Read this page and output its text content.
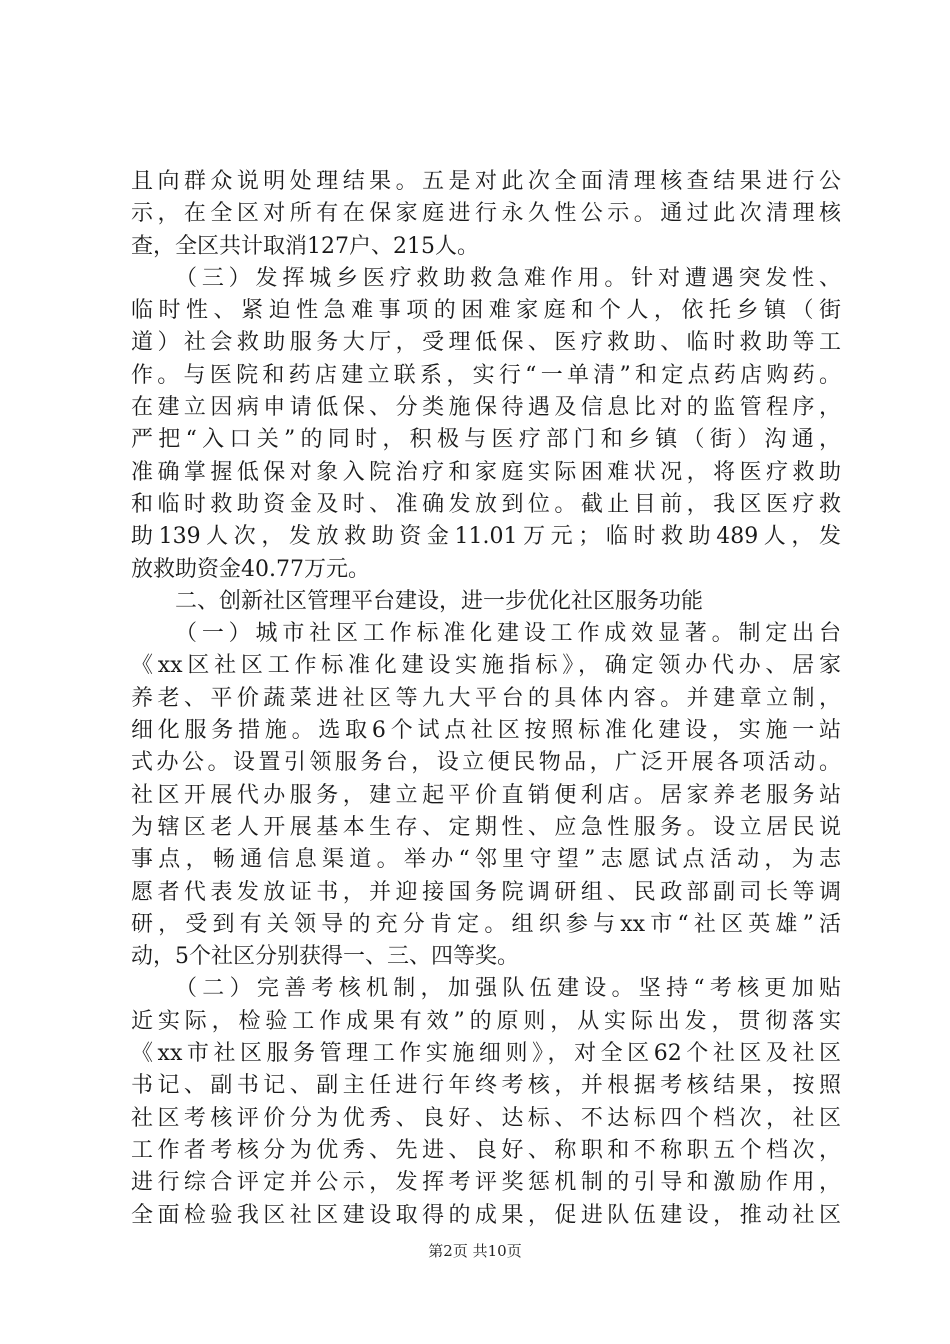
且向群众说明处理结果。五是对此次全面清理核查结果进行公
示，在全区对所有在保家庭进行永久性公示。通过此次清理核
查，全区共计取消127户、215人。
（三）发挥城乡医疗救助救急难作用。针对遭遇突发性、
临时性、紧迫性急难事项的困难家庭和个人，依托乡镇（街
道）社会救助服务大厅，受理低保、医疗救助、临时救助等工
作。与医院和药店建立联系，实行“一单清”和定点药店购药。
在建立因病申请低保、分类施保待遇及信息比对的监管程序，
严把“入口关”的同时，积极与医疗部门和乡镇（街）沟通，
准确掌握低保对象入院治疗和家庭实际困难状况，将医疗救助
和临时救助资金及时、准确发放到位。截止目前，我区医疗救
助139人次，发放救助资金11.01万元；临时救助489人，发
放救助资金40.77万元。
二、创新社区管理平台建设，进一步优化社区服务功能
（一）城市社区工作标准化建设工作成效显著。制定出台
《xx区社区工作标准化建设实施指标》，确定领办代办、居家
养老、平价蔬菜进社区等九大平台的具体内容。并建章立制，
细化服务措施。选取6个试点社区按照标准化建设，实施一站
式办公。设置引领服务台，设立便民物品，广泛开展各项活动。
社区开展代办服务，建立起平价直销便利店。居家养老服务站
为辖区老人开展基本生存、定期性、应急性服务。设立居民说
事点，畅通信息渠道。举办“邻里守望”志愿试点活动，为志
愿者代表发放证书，并迎接国务院调研组、民政部副司长等调
研，受到有关领导的充分肯定。组织参与xx市“社区英雄”活
动，5个社区分别获得一、三、四等奖。
（二）完善考核机制，加强队伍建设。坚持“考核更加贴
近实际，检验工作成果有效”的原则，从实际出发，贯彻落实
《xx市社区服务管理工作实施细则》，对全区62个社区及社区
书记、副书记、副主任进行年终考核，并根据考核结果，按照
社区考核评价分为优秀、良好、达标、不达标四个档次，社区
工作者考核分为优秀、先进、良好、称职和不称职五个档次，
进行综合评定并公示，发挥考评奖惩机制的引导和激励作用，
全面检验我区社区建设取得的成果，促进队伍建设，推动社区
第2页 共10页
